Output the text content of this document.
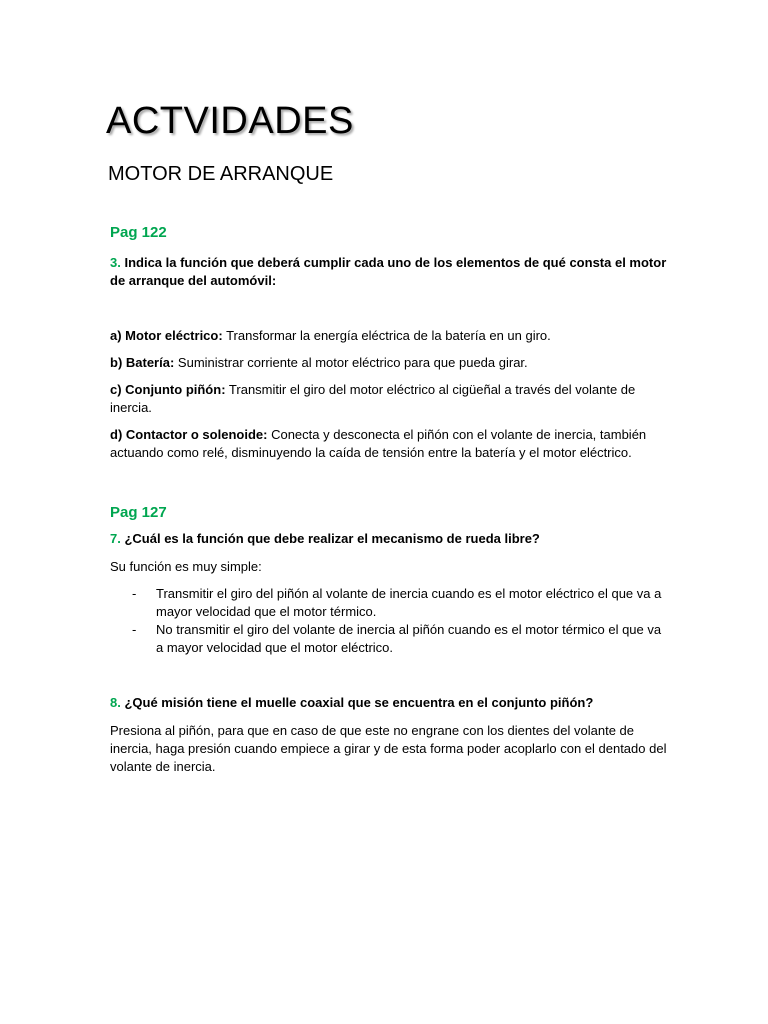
ACTVIDADES
MOTOR DE ARRANQUE

Pag 122

3. Indica la función que deberá cumplir cada uno de los elementos de qué consta el motor de arranque del automóvil:

a) Motor eléctrico: Transformar la energía eléctrica de la batería en un giro.

b) Batería: Suministrar corriente al motor eléctrico para que pueda girar.

c) Conjunto piñón: Transmitir el giro del motor eléctrico al cigüeñal a través del volante de inercia.

d) Contactor o solenoide: Conecta y desconecta el piñón con el volante de inercia, también actuando como relé, disminuyendo la caída de tensión entre la batería y el motor eléctrico.

Pag 127

7. ¿Cuál es la función que debe realizar el mecanismo de rueda libre?

Su función es muy simple:

- Transmitir el giro del piñón al volante de inercia cuando es el motor eléctrico el que va a mayor velocidad que el motor térmico.
- No transmitir el giro del volante de inercia al piñón cuando es el motor térmico el que va a mayor velocidad que el motor eléctrico.

8. ¿Qué misión tiene el muelle coaxial que se encuentra en el conjunto piñón?

Presiona al piñón, para que en caso de que este no engrane con los dientes del volante de inercia, haga presión cuando empiece a girar y de esta forma poder acoplarlo con el dentado del volante de inercia.
